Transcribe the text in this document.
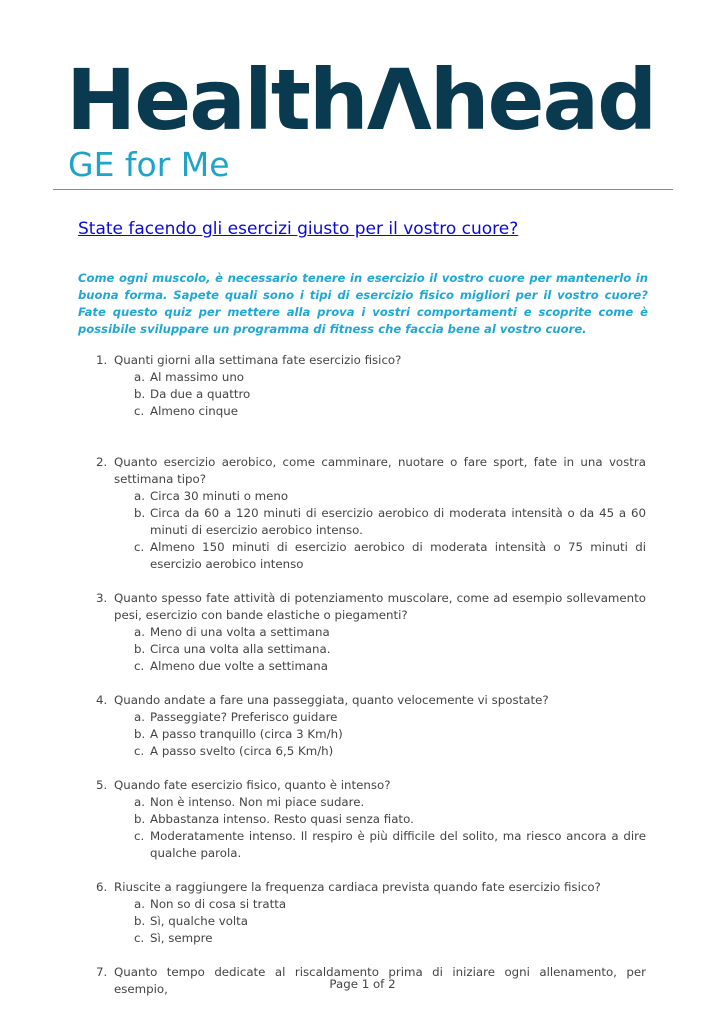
HealthΛhead
GE for Me
State facendo gli esercizi giusto per il vostro cuore?

Come ogni muscolo, è necessario tenere in esercizio il vostro cuore per mantenerlo in buona forma. Sapete quali sono i tipi di esercizio fisico migliori per il vostro cuore? Fate questo quiz per mettere alla prova i vostri comportamenti e scoprite come è possibile sviluppare un programma di fitness che faccia bene al vostro cuore.

1. Quanti giorni alla settimana fate esercizio fisico?
a. Al massimo uno
b. Da due a quattro
c. Almeno cinque
2. Quanto esercizio aerobico, come camminare, nuotare o fare sport, fate in una vostra settimana tipo?
a. Circa 30 minuti o meno
b. Circa da 60 a 120 minuti di esercizio aerobico di moderata intensità o da 45 a 60 minuti di esercizio aerobico intenso.
c. Almeno 150 minuti di esercizio aerobico di moderata intensità o 75 minuti di esercizio aerobico intenso
3. Quanto spesso fate attività di potenziamento muscolare, come ad esempio sollevamento pesi, esercizio con bande elastiche o piegamenti?
a. Meno di una volta a settimana
b. Circa una volta alla settimana.
c. Almeno due volte a settimana
4. Quando andate a fare una passeggiata, quanto velocemente vi spostate?
a. Passeggiate? Preferisco guidare
b. A passo tranquillo (circa 3 Km/h)
c. A passo svelto (circa 6,5 Km/h)
5. Quando fate esercizio fisico, quanto è intenso?
a. Non è intenso. Non mi piace sudare.
b. Abbastanza intenso. Resto quasi senza fiato.
c. Moderatamente intenso. Il respiro è più difficile del solito, ma riesco ancora a dire qualche parola.
6. Riuscite a raggiungere la frequenza cardiaca prevista quando fate esercizio fisico?
a. Non so di cosa si tratta
b. Sì, qualche volta
c. Sì, sempre
7. Quanto tempo dedicate al riscaldamento prima di iniziare ogni allenamento, per esempio,	Page 1 of 2
